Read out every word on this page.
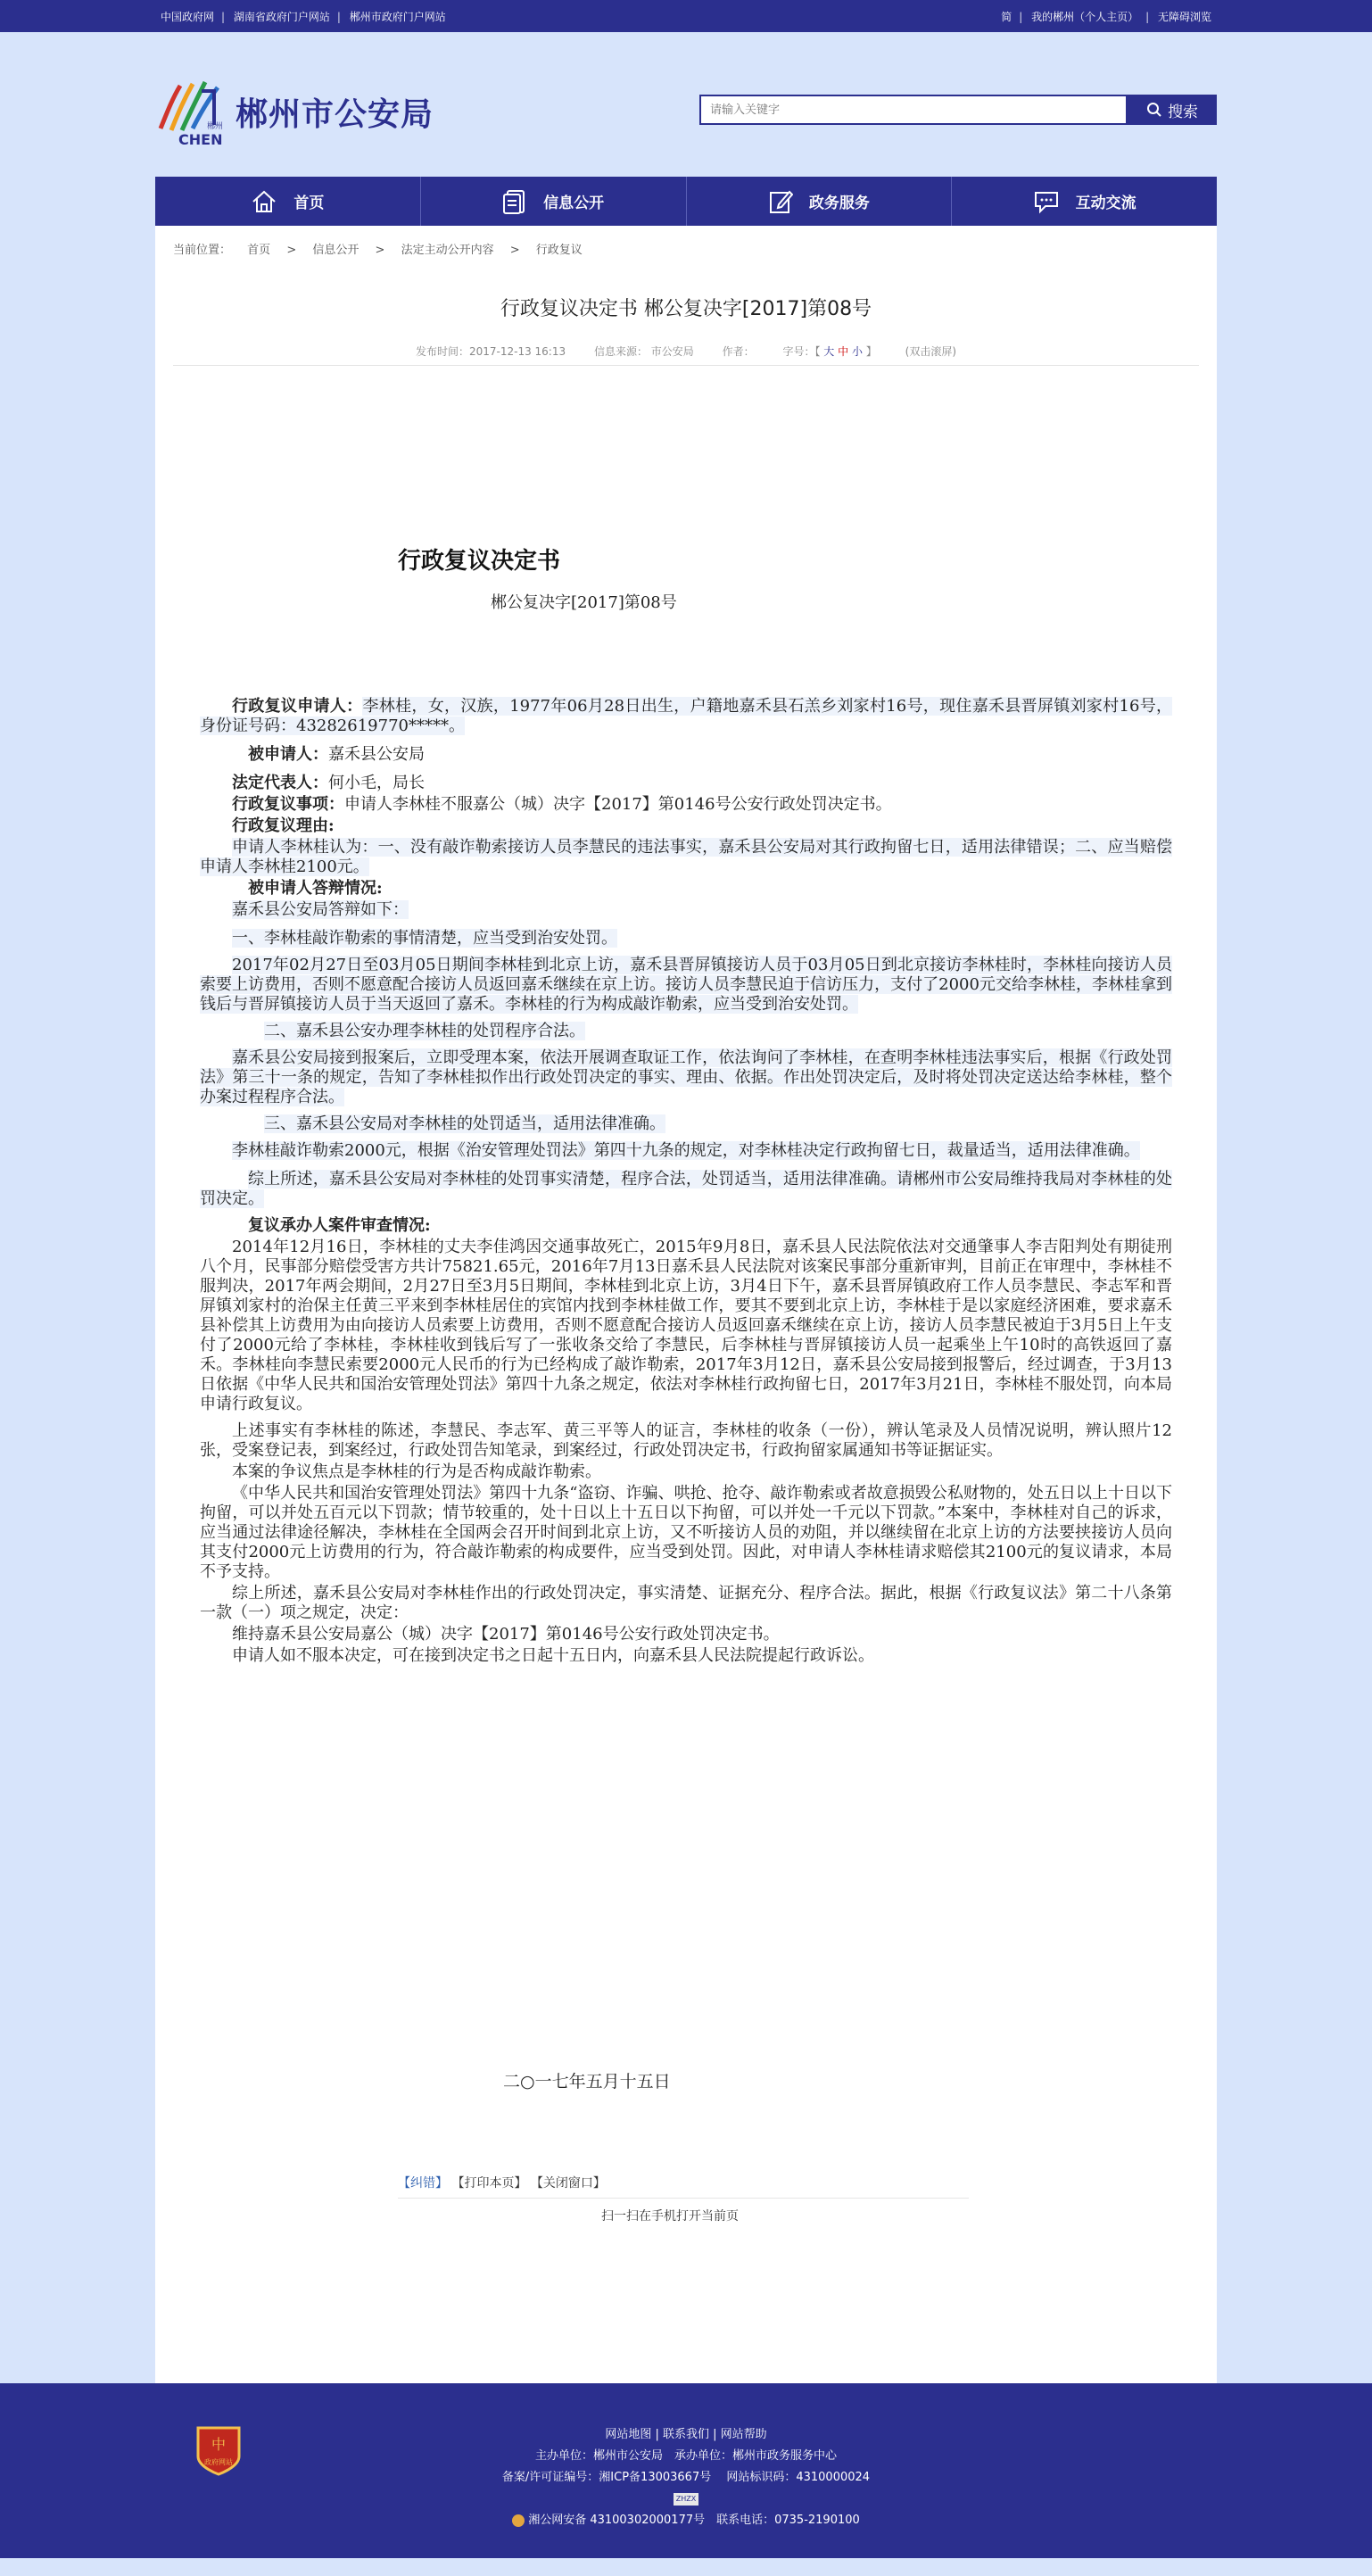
中国政府网 | 湖南省政府门户网站 | 郴州市政府门户网站	简 | 我的郴州（个人主页） | 无障碍浏览
郴州
CHEN
郴州市公安局
请输入关键字	搜索
首页	信息公开	政务服务	互动交流
当前位置： 首页 > 信息公开 > 法定主动公开内容 > 行政复议
行政复议决定书 郴公复决字[2017]第08号
发布时间：2017-12-13 16:13	信息来源： 市公安局	作者：	字号：【 大 中 小 】 (双击滚屏)
行政复议决定书
郴公复决字[2017]第08号

行政复议申请人：李林桂，女，汉族，1977年06月28日出生，户籍地嘉禾县石羔乡刘家村16号，现住嘉禾县晋屏镇刘家村16号，身份证号码：43282619770*****。

被申请人：嘉禾县公安局

法定代表人：何小毛，局长

行政复议事项：申请人李林桂不服嘉公（城）决字【2017】第0146号公安行政处罚决定书。

行政复议理由:

申请人李林桂认为：一、没有敲诈勒索接访人员李慧民的违法事实，嘉禾县公安局对其行政拘留七日，适用法律错误；二、应当赔偿申请人李林桂2100元。

被申请人答辩情况:

嘉禾县公安局答辩如下：

一、李林桂敲诈勒索的事情清楚，应当受到治安处罚。

2017年02月27日至03月05日期间李林桂到北京上访，嘉禾县晋屏镇接访人员于03月05日到北京接访李林桂时，李林桂向接访人员索要上访费用，否则不愿意配合接访人员返回嘉禾继续在京上访。接访人员李慧民迫于信访压力，支付了2000元交给李林桂，李林桂拿到钱后与晋屏镇接访人员于当天返回了嘉禾。李林桂的行为构成敲诈勒索，应当受到治安处罚。

二、嘉禾县公安办理李林桂的处罚程序合法。

嘉禾县公安局接到报案后，立即受理本案，依法开展调查取证工作，依法询问了李林桂，在查明李林桂违法事实后，根据《行政处罚法》第三十一条的规定，告知了李林桂拟作出行政处罚决定的事实、理由、依据。作出处罚决定后，及时将处罚决定送达给李林桂，整个办案过程程序合法。

三、嘉禾县公安局对李林桂的处罚适当，适用法律准确。

李林桂敲诈勒索2000元，根据《治安管理处罚法》第四十九条的规定，对李林桂决定行政拘留七日，裁量适当，适用法律准确。

综上所述，嘉禾县公安局对李林桂的处罚事实清楚，程序合法，处罚适当，适用法律准确。请郴州市公安局维持我局对李林桂的处罚决定。

复议承办人案件审查情况:

2014年12月16日，李林桂的丈夫李佳鸿因交通事故死亡，2015年9月8日，嘉禾县人民法院依法对交通肇事人李吉阳判处有期徒刑八个月，民事部分赔偿受害方共计75821.65元，2016年7月13日嘉禾县人民法院对该案民事部分重新审判，目前正在审理中，李林桂不服判决，2017年两会期间，2月27日至3月5日期间，李林桂到北京上访，3月4日下午，嘉禾县晋屏镇政府工作人员李慧民、李志军和晋屏镇刘家村的治保主任黄三平来到李林桂居住的宾馆内找到李林桂做工作，要其不要到北京上访，李林桂于是以家庭经济困难，要求嘉禾县补偿其上访费用为由向接访人员索要上访费用，否则不愿意配合接访人员返回嘉禾继续在京上访，接访人员李慧民被迫于3月5日上午支付了2000元给了李林桂，李林桂收到钱后写了一张收条交给了李慧民，后李林桂与晋屏镇接访人员一起乘坐上午10时的高铁返回了嘉禾。李林桂向李慧民索要2000元人民币的行为已经构成了敲诈勒索，2017年3月12日，嘉禾县公安局接到报警后，经过调查，于3月13日依据《中华人民共和国治安管理处罚法》第四十九条之规定，依法对李林桂行政拘留七日，2017年3月21日，李林桂不服处罚，向本局申请行政复议。

上述事实有李林桂的陈述，李慧民、李志军、黄三平等人的证言，李林桂的收条（一份），辨认笔录及人员情况说明，辨认照片12张，受案登记表，到案经过，行政处罚告知笔录，到案经过，行政处罚决定书，行政拘留家属通知书等证据证实。

本案的争议焦点是李林桂的行为是否构成敲诈勒索。

《中华人民共和国治安管理处罚法》第四十九条“盗窃、诈骗、哄抢、抢夺、敲诈勒索或者故意损毁公私财物的，处五日以上十日以下拘留，可以并处五百元以下罚款；情节较重的，处十日以上十五日以下拘留，可以并处一千元以下罚款。”本案中，李林桂对自己的诉求，应当通过法律途径解决，李林桂在全国两会召开时间到北京上访，又不听接访人员的劝阻，并以继续留在北京上访的方法要挟接访人员向其支付2000元上访费用的行为，符合敲诈勒索的构成要件，应当受到处罚。因此，对申请人李林桂请求赔偿其2100元的复议请求，本局不予支持。

综上所述，嘉禾县公安局对李林桂作出的行政处罚决定，事实清楚、证据充分、程序合法。据此，根据《行政复议法》第二十八条第一款（一）项之规定，决定：

维持嘉禾县公安局嘉公（城）决字【2017】第0146号公安行政处罚决定书。

申请人如不服本决定，可在接到决定书之日起十五日内，向嘉禾县人民法院提起行政诉讼。

二○一七年五月十五日
【纠错】 【打印本页】 【关闭窗口】
扫一扫在手机打开当前页
中
政府网站
网站地图 | 联系我们 | 网站帮助
主办单位：郴州市公安局　承办单位：郴州市政务服务中心
备案/许可证编号：湘ICP备13003667号　 网站标识码：4310000024
ZHZX
湘公网安备 43100302000177号　联系电话：0735-2190100
